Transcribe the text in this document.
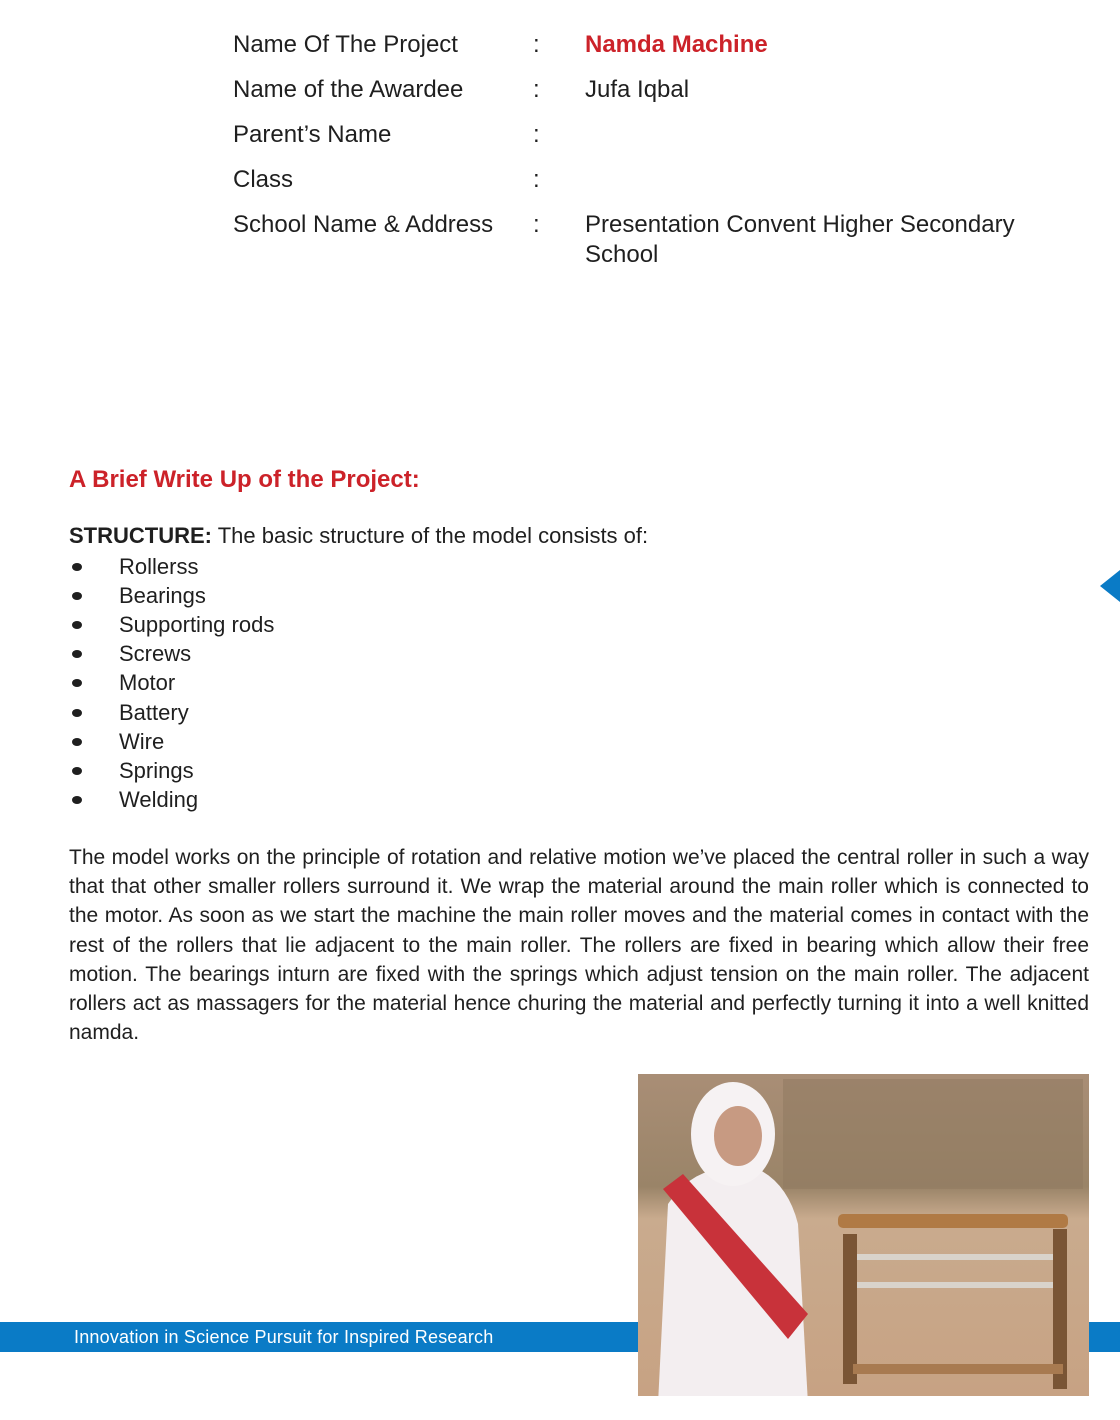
Name Of The Project	:	Namda Machine
Name of the Awardee	:	Jufa Iqbal
Parent’s Name	:
Class	:
School Name & Address	:	Presentation Convent Higher Secondary School
A Brief Write Up of the Project:
STRUCTURE: The basic structure of the model consists of:
Rollerss
Bearings
Supporting rods
Screws
Motor
Battery
Wire
Springs
Welding

The model works on the principle of rotation and relative motion we’ve placed the central roller in such a way that that other smaller rollers surround it. We wrap the material around the main roller which is connected to the motor. As soon as we start the machine the main roller moves and the material comes in contact with the rest of the rollers that lie adjacent to the main roller. The rollers are fixed in bearing which allow their free motion. The bearings inturn are fixed with the springs which adjust tension on the main roller. The adjacent rollers act as massagers for the material hence churing the material and perfectly turning it into a well knitted namda.

Innovation in Science Pursuit for Inspired Research
